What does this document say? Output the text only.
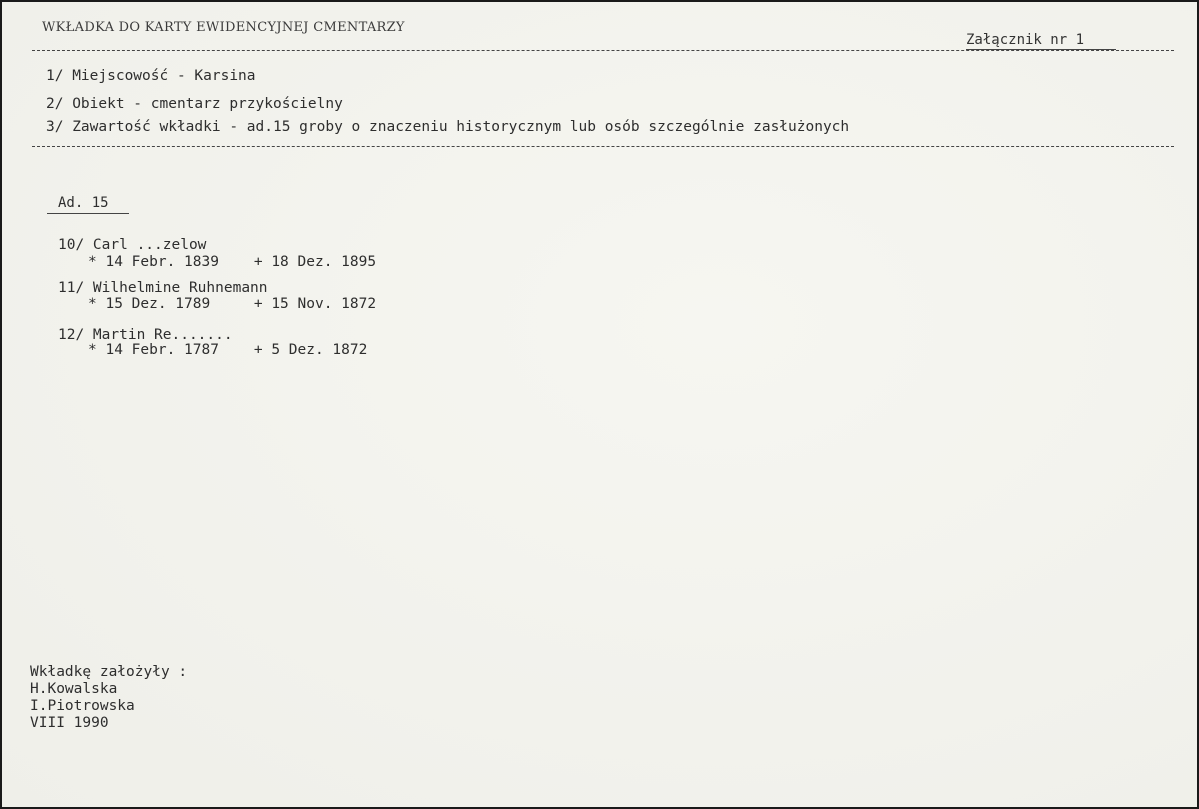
WKŁADKA DO KARTY EWIDENCYJNEJ CMENTARZY
Załącznik nr 1
1/ Miejscowość - Karsina
2/ Obiekt - cmentarz przykościelny
3/ Zawartość wkładki - ad.15 groby o znaczeniu historycznym lub osób szczególnie zasłużonych
Ad. 15
10/ Carl ...zelow
* 14 Febr. 1839    + 18 Dez. 1895
11/ Wilhelmine Ruhnemann
* 15 Dez. 1789     + 15 Nov. 1872
12/ Martin Re.......
* 14 Febr. 1787    + 5 Dez. 1872
Wkładkę założyły :
H.Kowalska
I.Piotrowska
VIII 1990
